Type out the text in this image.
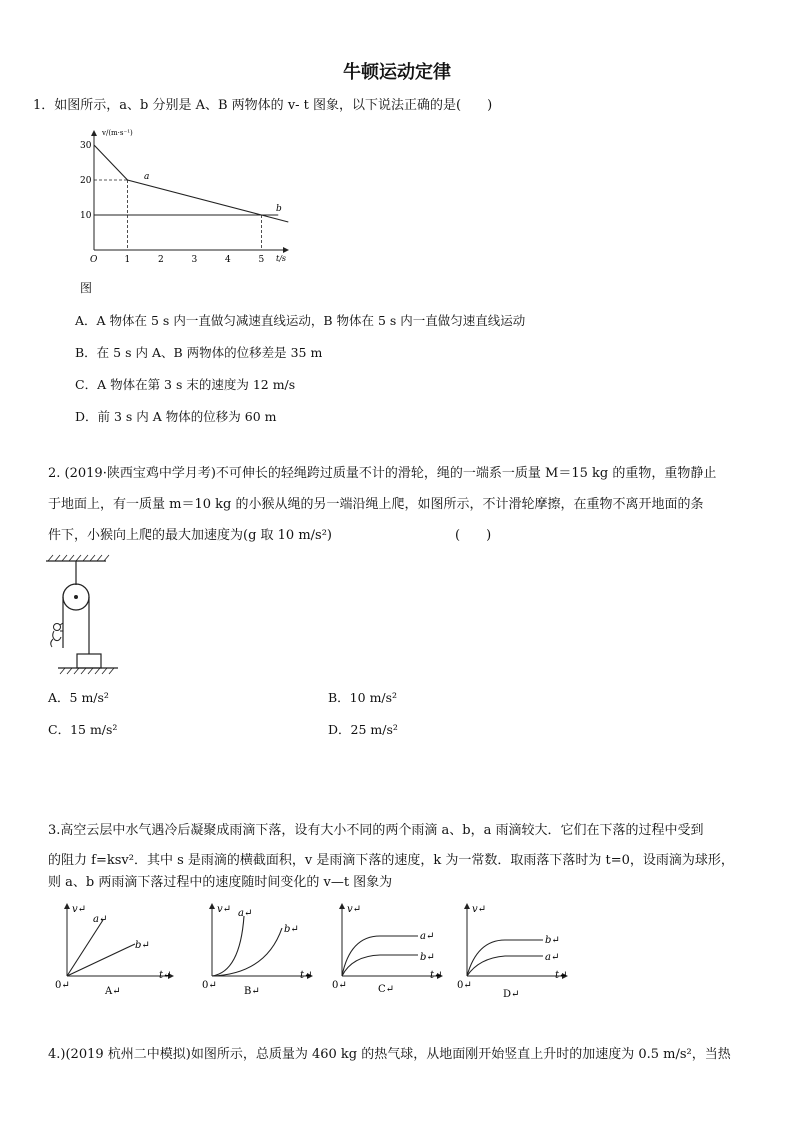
牛顿运动定律
1．如图所示，a、b 分别是 A、B 两物体的 v- t 图象，以下说法正确的是(　　)
v/(m·s⁻¹)
t/s
O
30
20
10
1	2	3	4	5
a
b
图
A．A 物体在 5 s 内一直做匀减速直线运动，B 物体在 5 s 内一直做匀速直线运动
B．在 5 s 内 A、B 两物体的位移差是 35 m
C．A 物体在第 3 s 末的速度为 12 m/s
D．前 3 s 内 A 物体的位移为 60 m
2. (2019·陕西宝鸡中学月考)不可伸长的轻绳跨过质量不计的滑轮，绳的一端系一质量 M＝15 kg 的重物，重物静止
于地面上，有一质量 m＝10 kg 的小猴从绳的另一端沿绳上爬，如图所示，不计滑轮摩擦，在重物不离开地面的条
件下，小猴向上爬的最大加速度为(g 取 10 m/s²)	(　　)
A．5 m/s²	B．10 m/s²
C．15 m/s²	D．25 m/s²
3.高空云层中水气遇冷后凝聚成雨滴下落，设有大小不同的两个雨滴 a、b，a 雨滴较大．它们在下落的过程中受到
的阻力 f=ksv²．其中 s 是雨滴的横截面积，v 是雨滴下落的速度，k 为一常数．取雨落下落时为 t=0，设雨滴为球形，
则 a、b 两雨滴下落过程中的速度随时间变化的 v—t 图象为
v↵
a↵
b↵
t↵
0↵
A↵
v↵ a↵
b↵
t↵
0↵
B↵
v↵
a↵
b↵
t↵
0↵	C↵
v↵
b↵
a↵
t↵
0↵
D↵
4.)(2019 杭州二中模拟)如图所示，总质量为 460 kg 的热气球，从地面刚开始竖直上升时的加速度为 0.5 m/s²，当热
